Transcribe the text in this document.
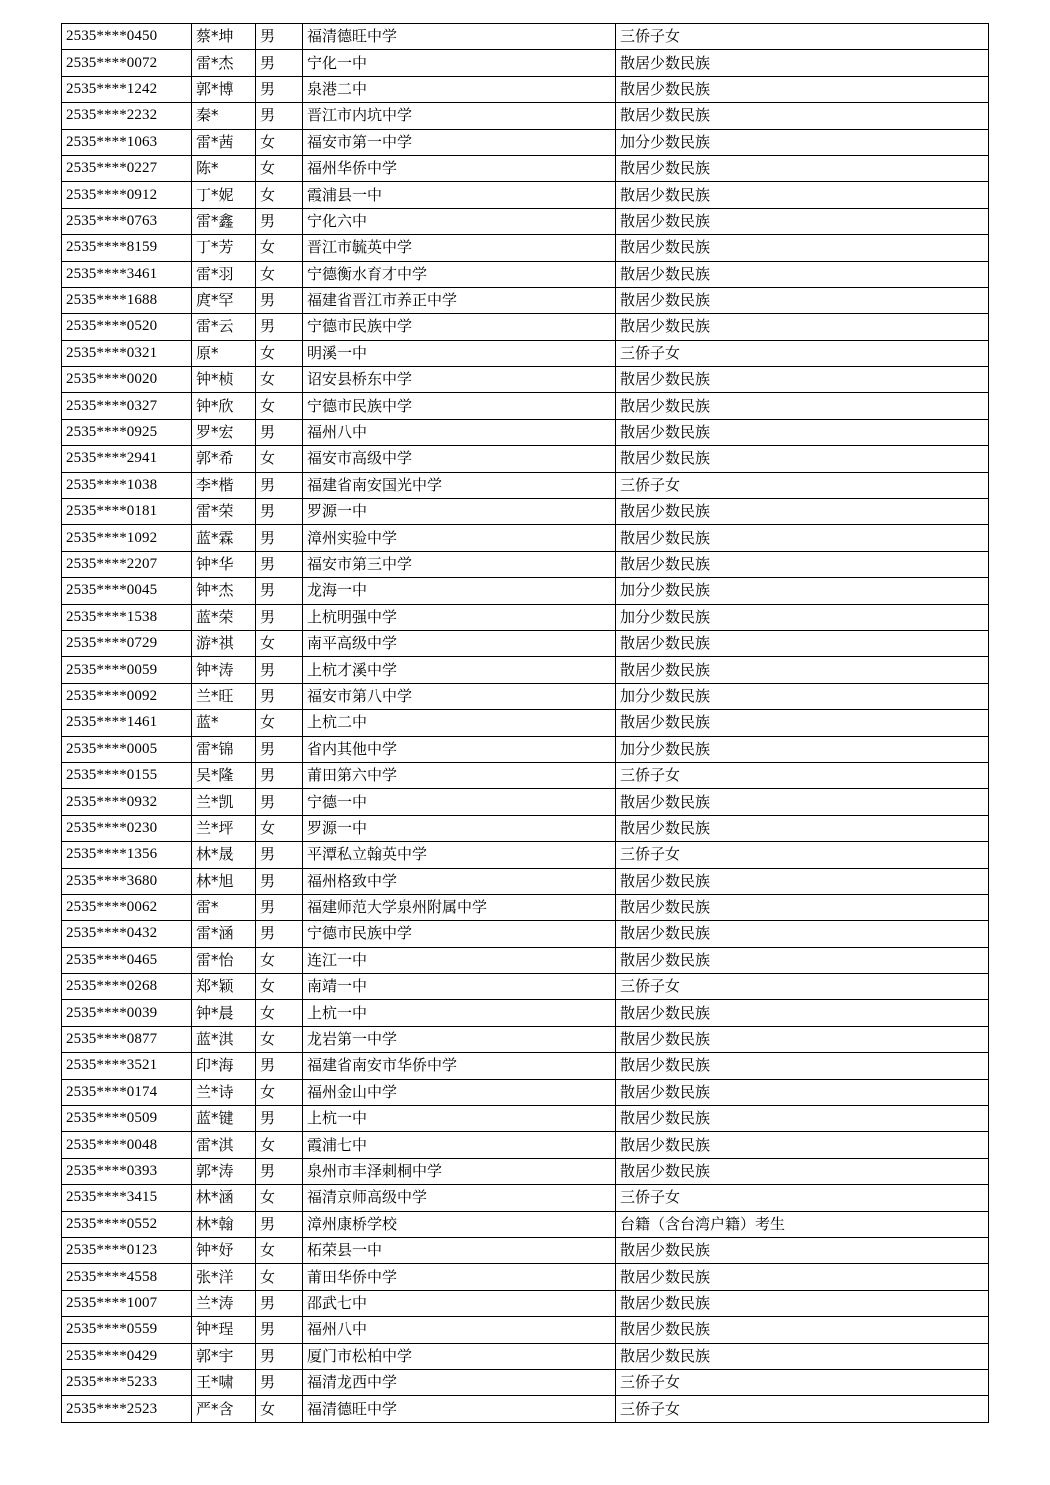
2535****0450	蔡*坤	男	福清德旺中学	三侨子女
2535****0072	雷*杰	男	宁化一中	散居少数民族
2535****1242	郭*博	男	泉港二中	散居少数民族
2535****2232	秦*	男	晋江市内坑中学	散居少数民族
2535****1063	雷*茜	女	福安市第一中学	加分少数民族
2535****0227	陈*	女	福州华侨中学	散居少数民族
2535****0912	丁*妮	女	霞浦县一中	散居少数民族
2535****0763	雷*鑫	男	宁化六中	散居少数民族
2535****8159	丁*芳	女	晋江市毓英中学	散居少数民族
2535****3461	雷*羽	女	宁德衡水育才中学	散居少数民族
2535****1688	庹*罕	男	福建省晋江市养正中学	散居少数民族
2535****0520	雷*云	男	宁德市民族中学	散居少数民族
2535****0321	原*	女	明溪一中	三侨子女
2535****0020	钟*桢	女	诏安县桥东中学	散居少数民族
2535****0327	钟*欣	女	宁德市民族中学	散居少数民族
2535****0925	罗*宏	男	福州八中	散居少数民族
2535****2941	郭*希	女	福安市高级中学	散居少数民族
2535****1038	李*楷	男	福建省南安国光中学	三侨子女
2535****0181	雷*荣	男	罗源一中	散居少数民族
2535****1092	蓝*霖	男	漳州实验中学	散居少数民族
2535****2207	钟*华	男	福安市第三中学	散居少数民族
2535****0045	钟*杰	男	龙海一中	加分少数民族
2535****1538	蓝*荣	男	上杭明强中学	加分少数民族
2535****0729	游*祺	女	南平高级中学	散居少数民族
2535****0059	钟*涛	男	上杭才溪中学	散居少数民族
2535****0092	兰*旺	男	福安市第八中学	加分少数民族
2535****1461	蓝*	女	上杭二中	散居少数民族
2535****0005	雷*锦	男	省内其他中学	加分少数民族
2535****0155	吴*隆	男	莆田第六中学	三侨子女
2535****0932	兰*凯	男	宁德一中	散居少数民族
2535****0230	兰*坪	女	罗源一中	散居少数民族
2535****1356	林*晟	男	平潭私立翰英中学	三侨子女
2535****3680	林*旭	男	福州格致中学	散居少数民族
2535****0062	雷*	男	福建师范大学泉州附属中学	散居少数民族
2535****0432	雷*涵	男	宁德市民族中学	散居少数民族
2535****0465	雷*怡	女	连江一中	散居少数民族
2535****0268	郑*颖	女	南靖一中	三侨子女
2535****0039	钟*晨	女	上杭一中	散居少数民族
2535****0877	蓝*淇	女	龙岩第一中学	散居少数民族
2535****3521	印*海	男	福建省南安市华侨中学	散居少数民族
2535****0174	兰*诗	女	福州金山中学	散居少数民族
2535****0509	蓝*键	男	上杭一中	散居少数民族
2535****0048	雷*淇	女	霞浦七中	散居少数民族
2535****0393	郭*涛	男	泉州市丰泽刺桐中学	散居少数民族
2535****3415	林*涵	女	福清京师高级中学	三侨子女
2535****0552	林*翰	男	漳州康桥学校	台籍（含台湾户籍）考生
2535****0123	钟*妤	女	柘荣县一中	散居少数民族
2535****4558	张*洋	女	莆田华侨中学	散居少数民族
2535****1007	兰*涛	男	邵武七中	散居少数民族
2535****0559	钟*珵	男	福州八中	散居少数民族
2535****0429	郭*宇	男	厦门市松柏中学	散居少数民族
2535****5233	王*啸	男	福清龙西中学	三侨子女
2535****2523	严*含	女	福清德旺中学	三侨子女
